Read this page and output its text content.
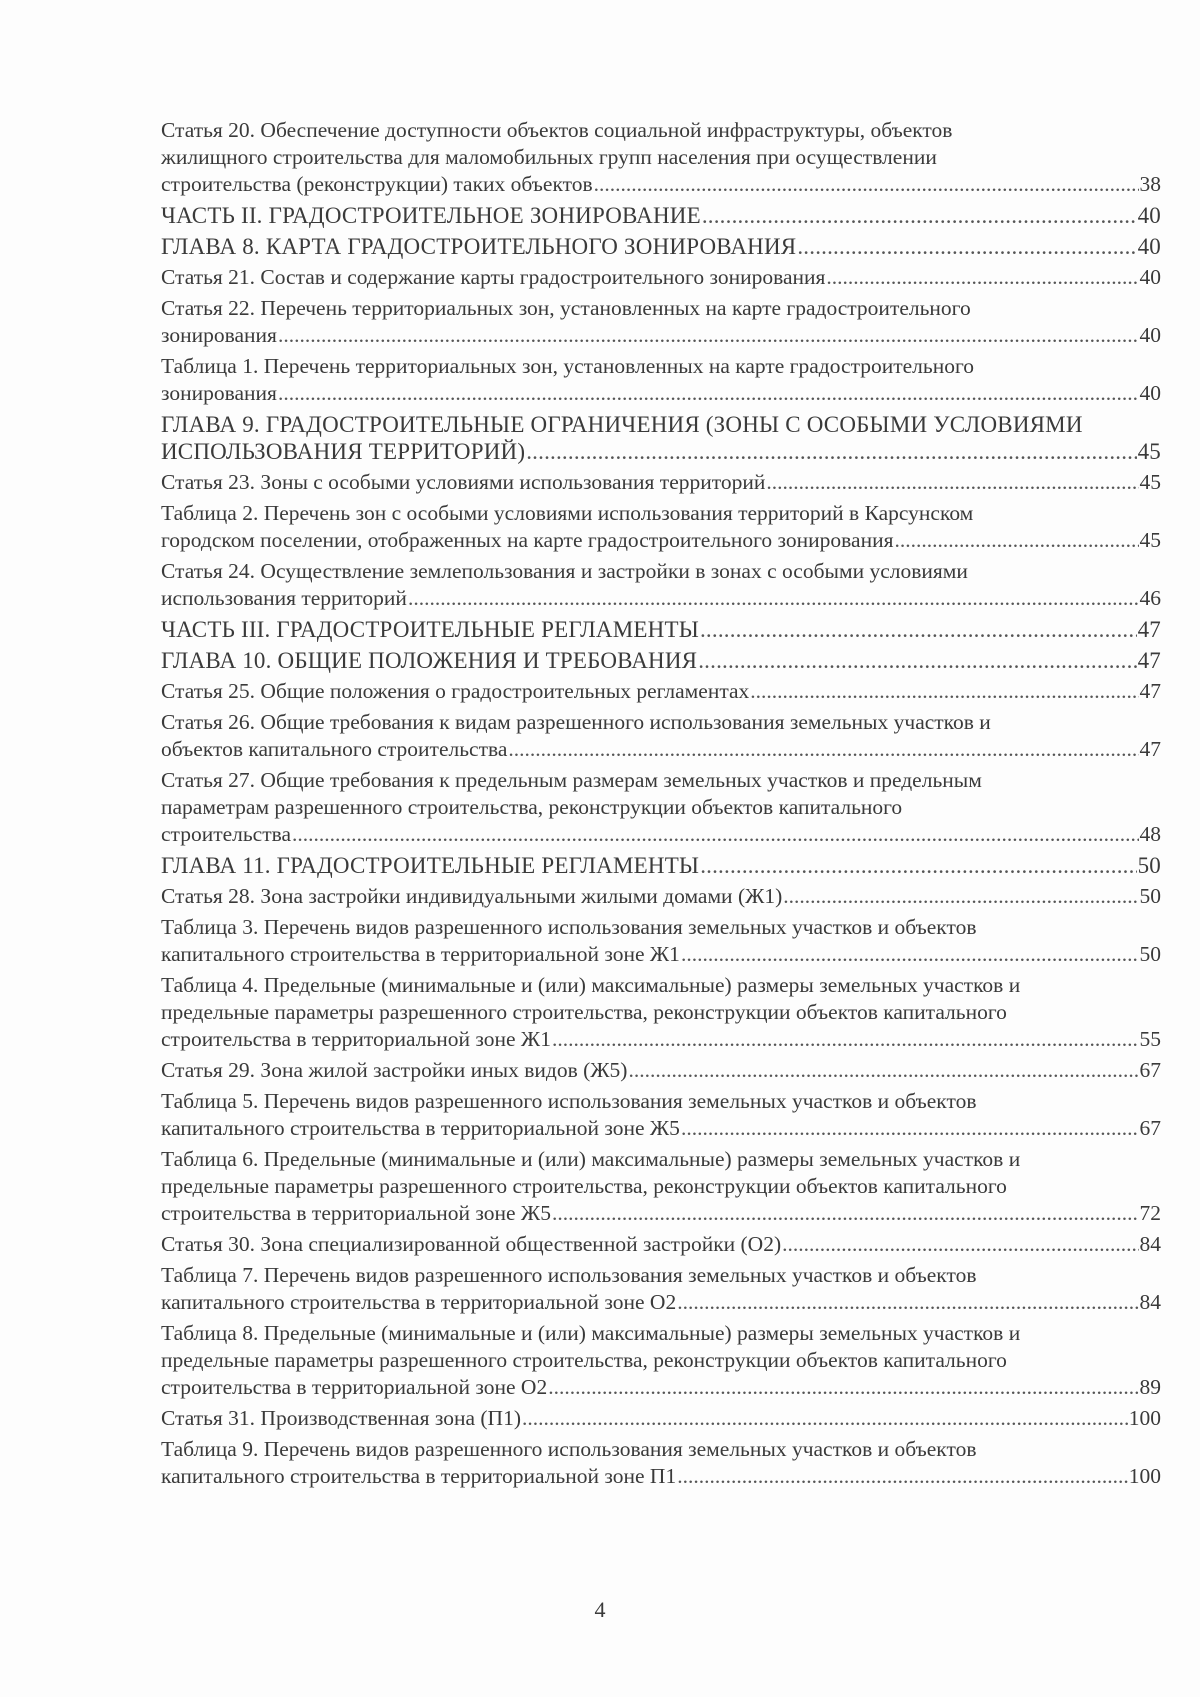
Статья 20. Обеспечение доступности объектов социальной инфраструктуры, объектов
жилищного строительства для маломобильных групп населения при осуществлении
строительства (реконструкции) таких объектов .....	38
ЧАСТЬ II. ГРАДОСТРОИТЕЛЬНОЕ ЗОНИРОВАНИЕ .....	40
ГЛАВА 8. КАРТА ГРАДОСТРОИТЕЛЬНОГО ЗОНИРОВАНИЯ .....	40
Статья 21. Состав и содержание карты градостроительного зонирования .....	40
Статья 22. Перечень территориальных зон, установленных на карте градостроительного
зонирования .....	40
Таблица 1. Перечень территориальных зон, установленных на карте градостроительного
зонирования .....	40
ГЛАВА 9. ГРАДОСТРОИТЕЛЬНЫЕ ОГРАНИЧЕНИЯ (ЗОНЫ С ОСОБЫМИ УСЛОВИЯМИ
ИСПОЛЬЗОВАНИЯ ТЕРРИТОРИЙ) .....	45
Статья 23. Зоны с особыми условиями использования территорий .....	45
Таблица 2. Перечень зон с особыми условиями использования территорий в Карсунском
городском поселении, отображенных на карте градостроительного зонирования .....	45
Статья 24. Осуществление землепользования и застройки в зонах с особыми условиями
использования территорий .....	46
ЧАСТЬ III. ГРАДОСТРОИТЕЛЬНЫЕ РЕГЛАМЕНТЫ .....	47
ГЛАВА 10. ОБЩИЕ ПОЛОЖЕНИЯ И ТРЕБОВАНИЯ .....	47
Статья 25. Общие положения о градостроительных регламентах .....	47
Статья 26. Общие требования к видам разрешенного использования земельных участков и
объектов капитального строительства .....	47
Статья 27. Общие требования к предельным размерам земельных участков и предельным
параметрам разрешенного строительства, реконструкции объектов капитального
строительства .....	48
ГЛАВА 11. ГРАДОСТРОИТЕЛЬНЫЕ РЕГЛАМЕНТЫ .....	50
Статья 28. Зона застройки индивидуальными жилыми домами (Ж1) .....	50
Таблица 3. Перечень видов разрешенного использования земельных участков и объектов
капитального строительства в территориальной зоне Ж1 .....	50
Таблица 4. Предельные (минимальные и (или) максимальные) размеры земельных участков и
предельные параметры разрешенного строительства, реконструкции объектов капитального
строительства в территориальной зоне Ж1 .....	55
Статья 29. Зона жилой застройки иных видов (Ж5) .....	67
Таблица 5. Перечень видов разрешенного использования земельных участков и объектов
капитального строительства в территориальной зоне Ж5 .....	67
Таблица 6. Предельные (минимальные и (или) максимальные) размеры земельных участков и
предельные параметры разрешенного строительства, реконструкции объектов капитального
строительства в территориальной зоне Ж5 .....	72
Статья 30. Зона специализированной общественной застройки (О2) .....	84
Таблица 7. Перечень видов разрешенного использования земельных участков и объектов
капитального строительства в территориальной зоне О2 .....	84
Таблица 8. Предельные (минимальные и (или) максимальные) размеры земельных участков и
предельные параметры разрешенного строительства, реконструкции объектов капитального
строительства в территориальной зоне О2 .....	89
Статья 31. Производственная зона (П1) .....	100
Таблица 9. Перечень видов разрешенного использования земельных участков и объектов
капитального строительства в территориальной зоне П1 .....	100
4
